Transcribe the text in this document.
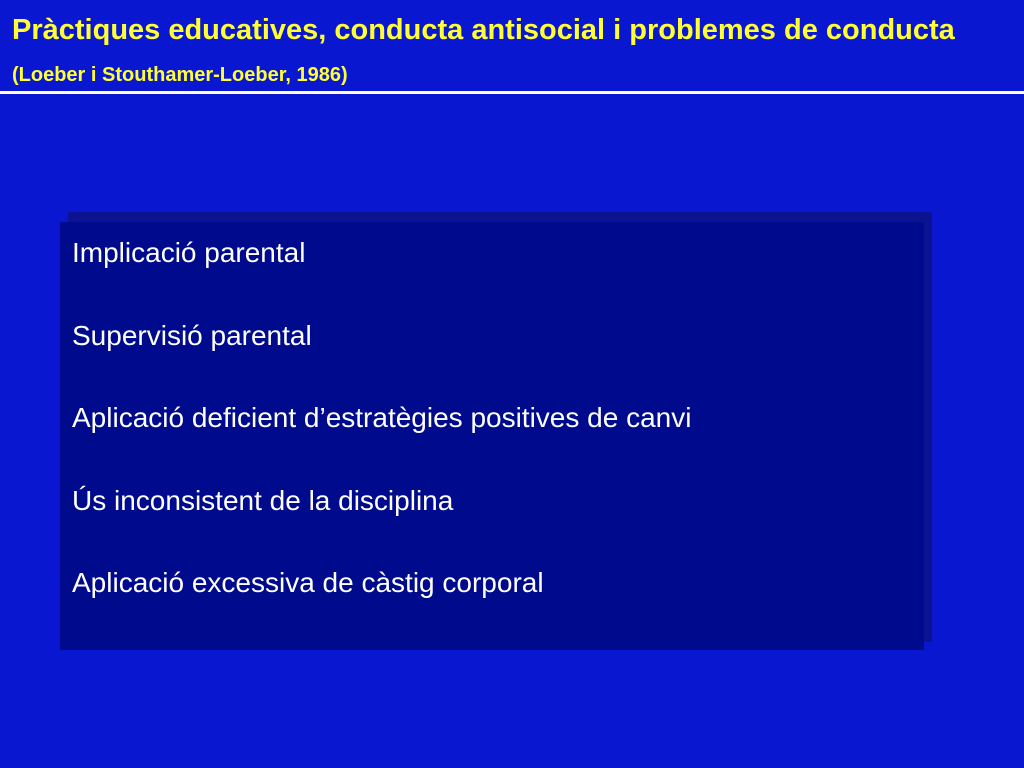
Pràctiques educatives, conducta antisocial i problemes de conducta (Loeber i Stouthamer-Loeber, 1986)
Implicació parental
Supervisió parental
Aplicació deficient d’estratègies positives de canvi
Ús inconsistent de la disciplina
Aplicació excessiva de càstig corporal
